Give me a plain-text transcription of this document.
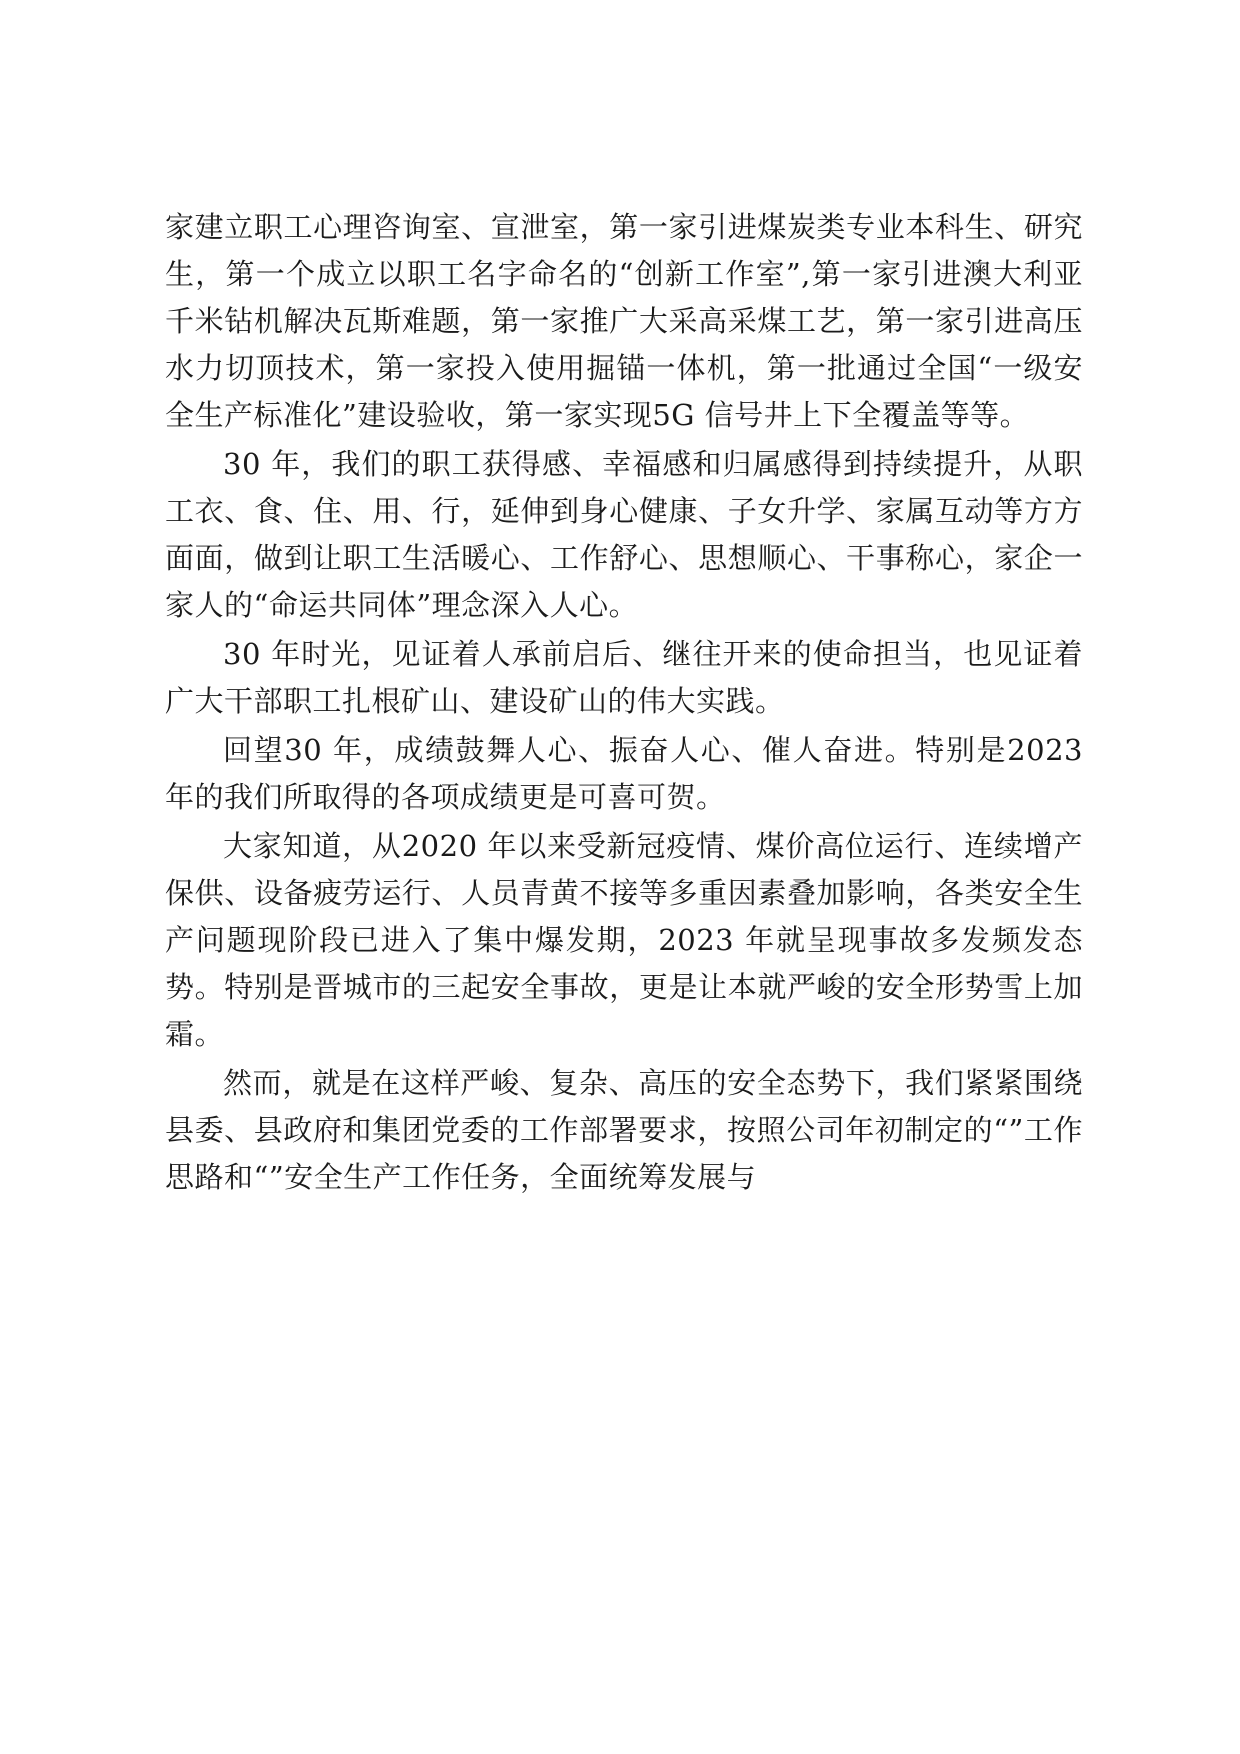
家建立职工心理咨询室、宣泄室，第一家引进煤炭类专业本科生、研究生，第一个成立以职工名字命名的“创新工作室”,第一家引进澳大利亚千米钻机解决瓦斯难题，第一家推广大采高采煤工艺，第一家引进高压水力切顶技术，第一家投入使用掘锚一体机，第一批通过全国“一级安全生产标准化”建设验收，第一家实现5G 信号井上下全覆盖等等。

30 年，我们的职工获得感、幸福感和归属感得到持续提升，从职工衣、食、住、用、行，延伸到身心健康、子女升学、家属互动等方方面面，做到让职工生活暖心、工作舒心、思想顺心、干事称心，家企一家人的“命运共同体”理念深入人心。

30 年时光，见证着人承前启后、继往开来的使命担当，也见证着广大干部职工扎根矿山、建设矿山的伟大实践。

回望30 年，成绩鼓舞人心、振奋人心、催人奋进。特别是2023 年的我们所取得的各项成绩更是可喜可贺。

大家知道，从2020 年以来受新冠疫情、煤价高位运行、连续增产保供、设备疲劳运行、人员青黄不接等多重因素叠加影响，各类安全生产问题现阶段已进入了集中爆发期，2023 年就呈现事故多发频发态势。特别是晋城市的三起安全事故，更是让本就严峻的安全形势雪上加霜。

然而，就是在这样严峻、复杂、高压的安全态势下，我们紧紧围绕县委、县政府和集团党委的工作部署要求，按照公司年初制定的“”工作思路和“”安全生产工作任务，全面统筹发展与
